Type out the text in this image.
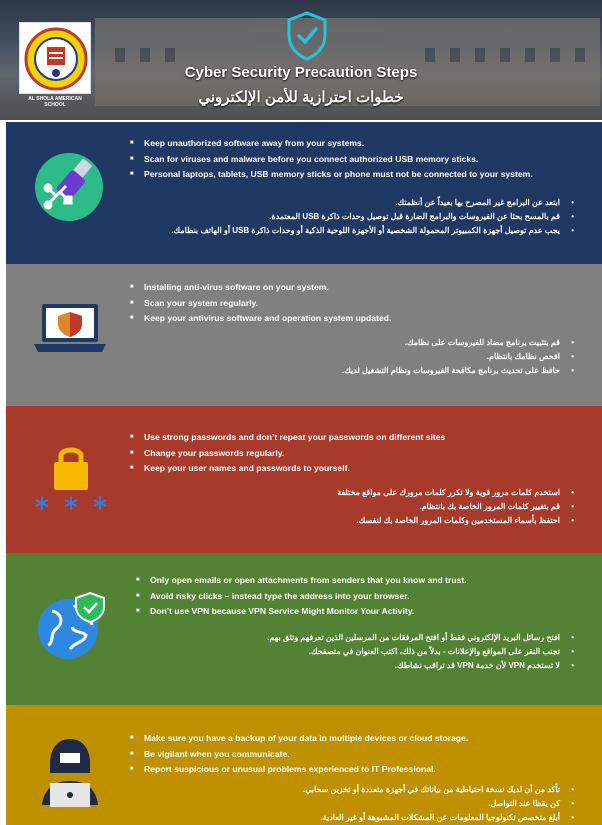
AL SHOLA AMERICAN SCHOOL
Cyber Security Precaution Steps
خطوات احترازية للأمن الإلكتروني
■ Keep unauthorized software away from your systems.
■ Scan for viruses and malware before you connect authorized USB memory sticks.
■ Personal laptops, tablets, USB memory sticks or phone must not be connected to your system.
• ابتعد عن البرامج غير المصرح بها بعيداً عن أنظمتك.
• قم بالمسح بحثا عن الفيروسات والبرامج الضارة قبل توصيل وحدات ذاكرة USB المعتمدة.
• يجب عدم توصيل أجهزة الكمبيوتر المحمولة الشخصية أو الأجهزة اللوحية الذكية أو وحدات ذاكرة USB أو الهاتف بنظامك.
■ Installing anti-virus software on your system.
■ Scan your system regularly.
■ Keep your antivirus software and operation system updated.
• قم بتثبيت برنامج مضاد للفيروسات على نظامك.
• افحص نظامك بانتظام.
• حافظ على تحديث برنامج مكافحة الفيروسات ونظام التشغيل لديك.
■ Use strong passwords and don’t repeat your passwords on different sites
■ Change your passwords regularly.
■ Keep your user names and passwords to yourself.
• استخدم كلمات مرور قوية ولا تكرر كلمات مرورك على مواقع مختلفة
• قم بتغيير كلمات المرور الخاصة بك بانتظام.
• احتفظ بأسماء المستخدمين وكلمات المرور الخاصة بك لنفسك.
■ Only open emails or open attachments from senders that you know and trust.
■ Avoid risky clicks – instead type the address into your browser.
■ Don’t use VPN because VPN Service Might Monitor Your Activity.
• افتح رسائل البريد الإلكتروني فقط أو افتح المرفقات من المرسلين الذين تعرفهم وتثق بهم.
• تجنب النقر على المواقع والإعلانات - بدلاً من ذلك، اكتب العنوان في متصفحك.
• لا تستخدم VPN لأن خدمة VPN قد تراقب نشاطك.
■ Make sure you have a backup of your data in multiple devices or cloud storage.
■ Be vigilant when you communicate.
■ Report suspicious or unusual problems experienced to IT Professional.
• تأكد من أن لديك نسخة احتياطية من بياناتك في أجهزة متعددة أو تخزين سحابي.
• كن يقظا عند التواصل.
• أبلغ متخصص تكنولوجيا المعلومات عن المشكلات المشبوهة أو غير العادية.
